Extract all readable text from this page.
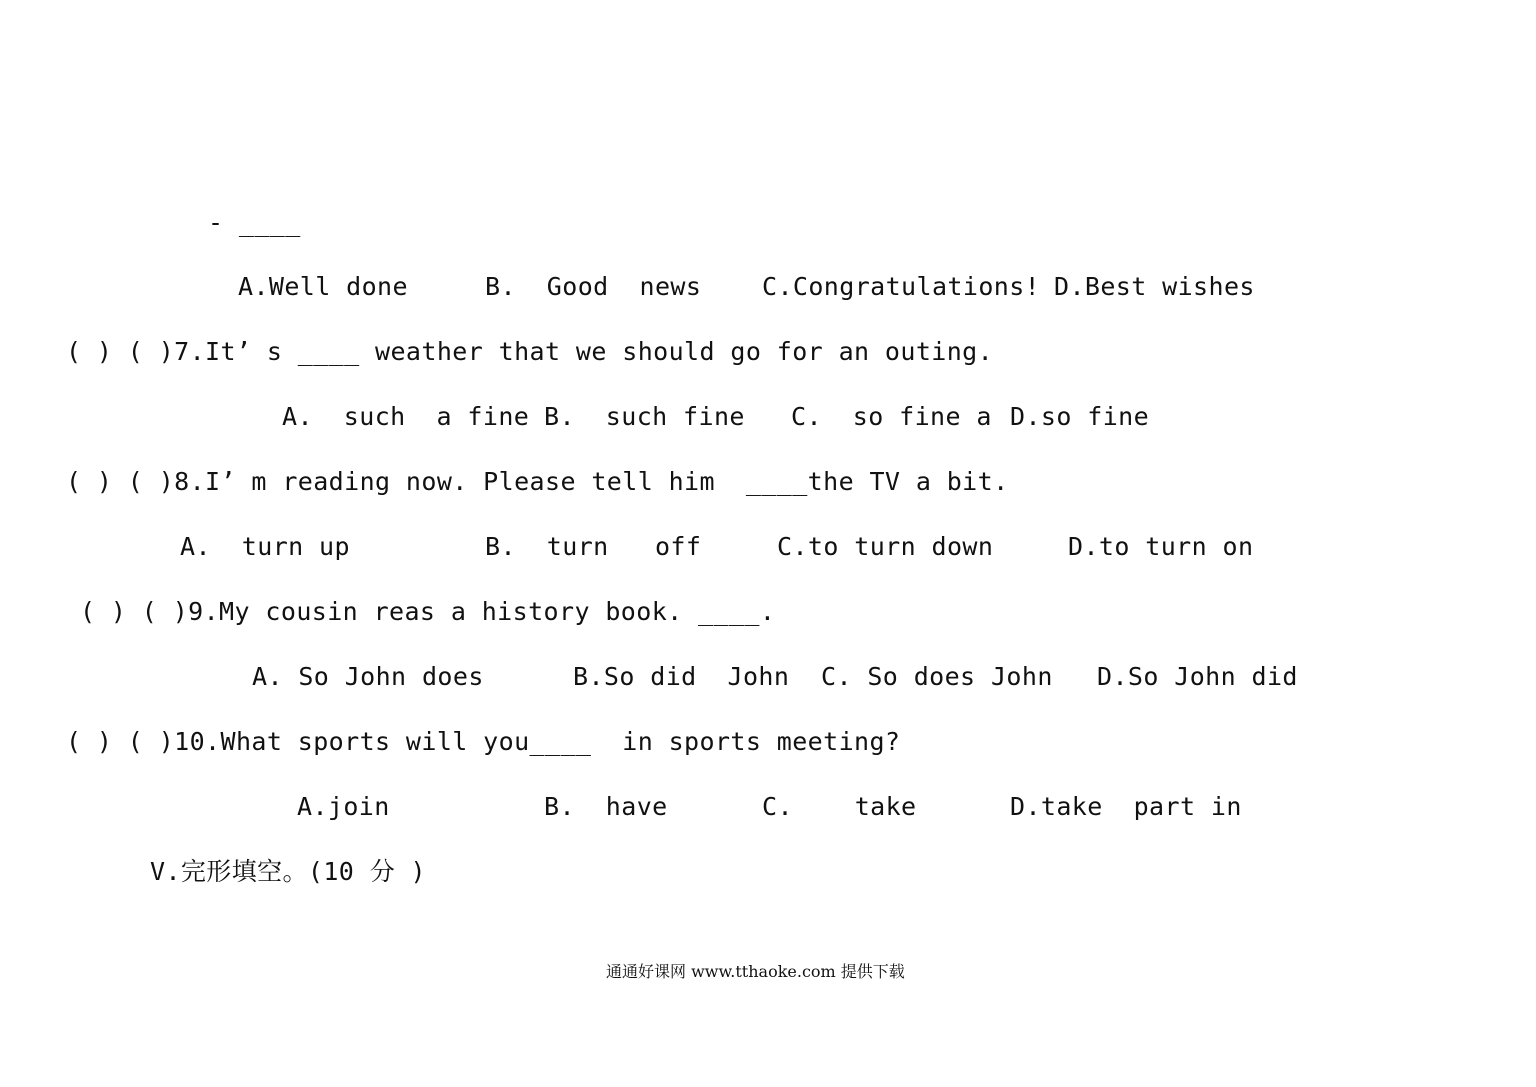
- ____
A.Well done	B.  Good  news C.Congratulations! D.Best wishes
( ) ( )7.It’ s ____ weather that we should go for an outing.
A.  such  a fine B.  such fine C.  so fine a D.so fine
( ) ( )8.I’ m reading now. Please tell him  ____the TV a bit.
A.  turn up	B.  turn   off	C.to turn down	D.to turn on
( ) ( )9.My cousin reas a history book. ____.
A. So John does	B.So did  John C. So does John D.So John did
( ) ( )10.What sports will you____  in sports meeting?
A.join	B.  have	C.    take	D.take  part in
V.完形填空。(10 分 )
通通好课网 www.tthaoke.com 提供下载
